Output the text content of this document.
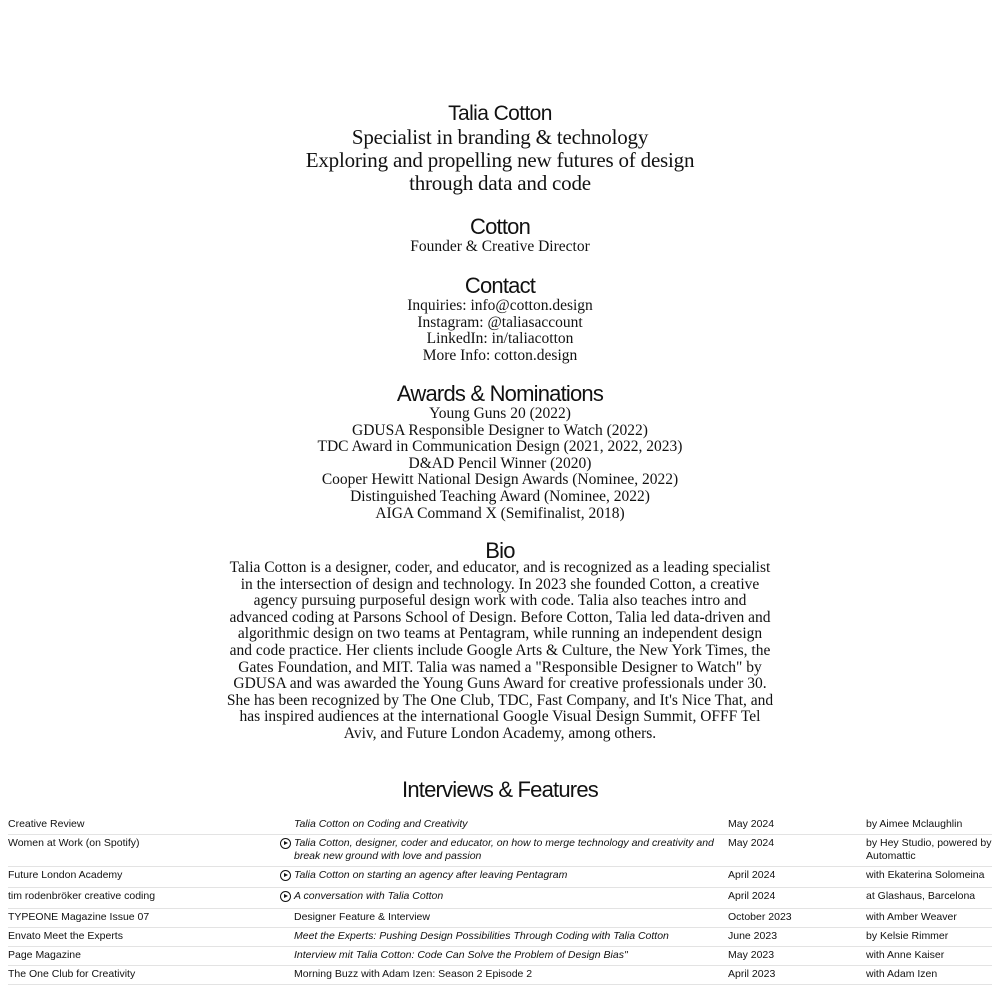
Talia Cotton
Specialist in branding & technology
Exploring and propelling new futures of design
through data and code
Cotton
Founder & Creative Director
Contact
Inquiries: info@cotton.design
Instagram: @taliasaccount
LinkedIn: in/taliacotton
More Info: cotton.design
Awards & Nominations
Young Guns 20 (2022)
GDUSA Responsible Designer to Watch (2022)
TDC Award in Communication Design (2021, 2022, 2023)
D&AD Pencil Winner (2020)
Cooper Hewitt National Design Awards (Nominee, 2022)
Distinguished Teaching Award (Nominee, 2022)
AIGA Command X (Semifinalist, 2018)
Bio

Talia Cotton is a designer, coder, and educator, and is recognized as a leading specialist in the intersection of design and technology. In 2023 she founded Cotton, a creative agency pursuing purposeful design work with code. Talia also teaches intro and advanced coding at Parsons School of Design. Before Cotton, Talia led data-driven and algorithmic design on two teams at Pentagram, while running an independent design and code practice. Her clients include Google Arts & Culture, the New York Times, the Gates Foundation, and MIT. Talia was named a "Responsible Designer to Watch" by GDUSA and was awarded the Young Guns Award for creative professionals under 30. She has been recognized by The One Club, TDC, Fast Company, and It's Nice That, and has inspired audiences at the international Google Visual Design Summit, OFFF Tel Aviv, and Future London Academy, among others.

Interviews & Features
Creative Review		Talia Cotton on Coding and Creativity	May 2024	by Aimee Mclaughlin
Women at Work (on Spotify)		Talia Cotton, designer, coder and educator, on how to merge technology and creativity and break new ground with love and passion	May 2024	by Hey Studio, powered by Automattic
Future London Academy		Talia Cotton on starting an agency after leaving Pentagram	April 2024	with Ekaterina Solomeina
tim rodenbröker creative coding		A conversation with Talia Cotton	April 2024	at Glashaus, Barcelona
TYPEONE Magazine Issue 07		Designer Feature & Interview	October 2023	with Amber Weaver
Envato Meet the Experts		Meet the Experts: Pushing Design Possibilities Through Coding with Talia Cotton	June 2023	by Kelsie Rimmer
Page Magazine		Interview mit Talia Cotton: Code Can Solve the Problem of Design Bias"	May 2023	with Anne Kaiser
The One Club for Creativity		Morning Buzz with Adam Izen: Season 2 Episode 2	April 2023	with Adam Izen
